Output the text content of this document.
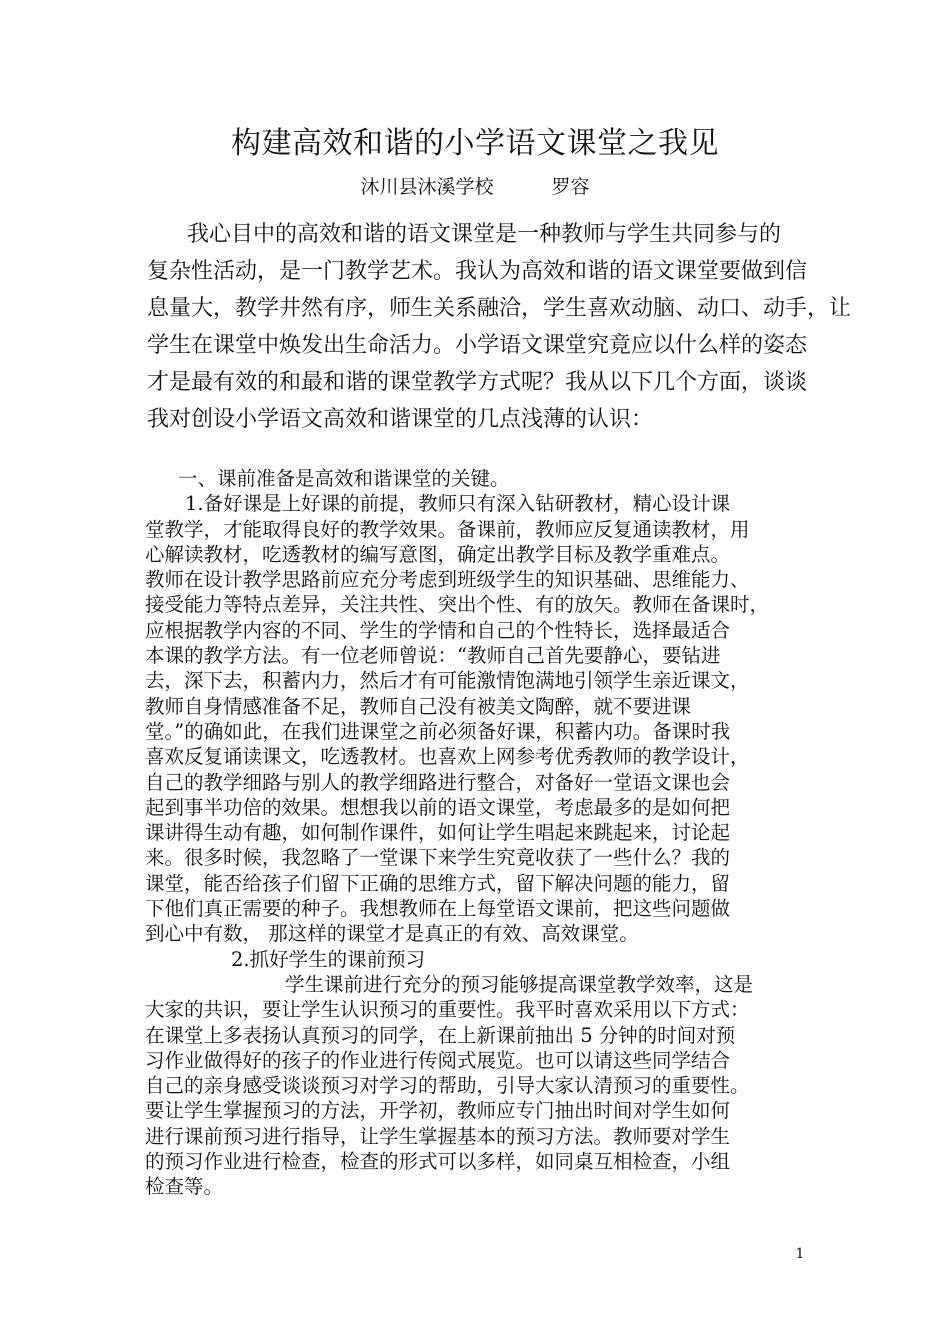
构建高效和谐的小学语文课堂之我见
沐川县沐溪学校	罗容
我心目中的高效和谐的语文课堂是一种教师与学生共同参与的
复杂性活动，是一门教学艺术。我认为高效和谐的语文课堂要做到信
息量大，教学井然有序，师生关系融洽，学生喜欢动脑、动口、动手，让
学生在课堂中焕发出生命活力。小学语文课堂究竟应以什么样的姿态
才是最有效的和最和谐的课堂教学方式呢？我从以下几个方面，谈谈
我对创设小学语文高效和谐课堂的几点浅薄的认识：
一、课前准备是高效和谐课堂的关键。
1.备好课是上好课的前提，教师只有深入钻研教材，精心设计课
堂教学，才能取得良好的教学效果。备课前，教师应反复通读教材，用
心解读教材，吃透教材的编写意图，确定出教学目标及教学重难点。
教师在设计教学思路前应充分考虑到班级学生的知识基础、思维能力、
接受能力等特点差异，关注共性、突出个性、有的放矢。教师在备课时，
应根据教学内容的不同、学生的学情和自己的个性特长，选择最适合
本课的教学方法。有一位老师曾说：“教师自己首先要静心，要钻进
去，深下去，积蓄内力，然后才有可能激情饱满地引领学生亲近课文，
教师自身情感准备不足，教师自己没有被美文陶醉，就不要进课
堂。”的确如此，在我们进课堂之前必须备好课，积蓄内功。备课时我
喜欢反复诵读课文，吃透教材。也喜欢上网参考优秀教师的教学设计，
自己的教学细路与别人的教学细路进行整合，对备好一堂语文课也会
起到事半功倍的效果。想想我以前的语文课堂，考虑最多的是如何把
课讲得生动有趣，如何制作课件，如何让学生唱起来跳起来，讨论起
来。很多时候，我忽略了一堂课下来学生究竟收获了一些什么？我的
课堂，能否给孩子们留下正确的思维方式，留下解决问题的能力，留
下他们真正需要的种子。我想教师在上每堂语文课前，把这些问题做
到心中有数， 那这样的课堂才是真正的有效、高效课堂。
2.抓好学生的课前预习
学生课前进行充分的预习能够提高课堂教学效率，这是
大家的共识，要让学生认识预习的重要性。我平时喜欢采用以下方式：
在课堂上多表扬认真预习的同学，在上新课前抽出 5 分钟的时间对预
习作业做得好的孩子的作业进行传阅式展览。也可以请这些同学结合
自己的亲身感受谈谈预习对学习的帮助，引导大家认清预习的重要性。
要让学生掌握预习的方法，开学初，教师应专门抽出时间对学生如何
进行课前预习进行指导，让学生掌握基本的预习方法。教师要对学生
的预习作业进行检查，检查的形式可以多样，如同桌互相检查，小组
检查等。
1
